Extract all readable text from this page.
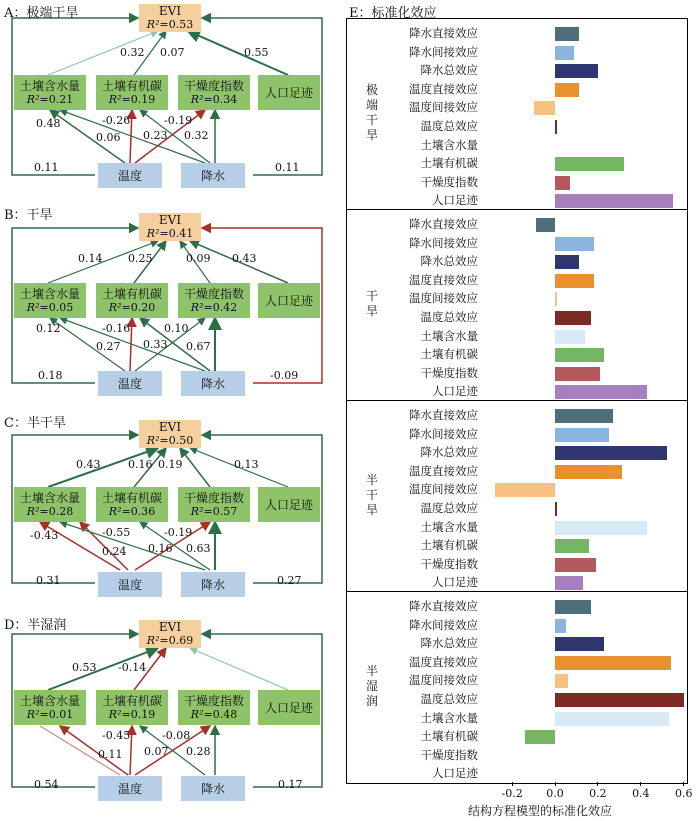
A：极端干旱	EVI
R²=0.53
土壤含水量
R²=0.21
土壤有机碳
R²=0.19
干燥度指数
R²=0.34 人口足迹
温度	降水
0.32 0.07	0.55
0.48	-0.26
0.06 0.23
-0.19
0.32
0.11	0.11
B：干旱	EVI
R²=0.41
土壤含水量
R²=0.05
土壤有机碳
R²=0.20
干燥度指数
R²=0.42 人口足迹
温度	降水
0.14 0.25	0.09 0.43
0.12	-0.16	0.10
0.27 0.33 0.67
0.18	-0.09
C：半干旱	EVI
R²=0.50
土壤含水量
R²=0.28
土壤有机碳
R²=0.36
干燥度指数
R²=0.57 人口足迹
温度	降水
0.43	0.16 0.19	0.13
-0.43	-0.55	-0.19
0.24 0.16 0.63
0.31	0.27
D：半湿润	EVI
R²=0.69
土壤含水量
R²=0.01
土壤有机碳
R²=0.19
干燥度指数
R²=0.48 人口足迹
温度	降水
0.53 -0.14
-0.45
0.11 0.07
-0.08
0.28
0.54	0.17
E：标准化效应
极端干旱
降水直接效应
降水间接效应
降水总效应
温度直接效应
温度间接效应
温度总效应
土壤含水量
土壤有机碳
干燥度指数
人口足迹
干旱
降水直接效应
降水间接效应
降水总效应
温度直接效应
温度间接效应
温度总效应
土壤含水量
土壤有机碳
干燥度指数
人口足迹
半干旱
降水直接效应
降水间接效应
降水总效应
温度直接效应
温度间接效应
温度总效应
土壤含水量
土壤有机碳
干燥度指数
人口足迹
半湿润
降水直接效应
降水间接效应
降水总效应
温度直接效应
温度间接效应
温度总效应
土壤含水量
土壤有机碳
干燥度指数
人口足迹
-0.2	0.0	0.2	0.4	0.6
结构方程模型的标准化效应
